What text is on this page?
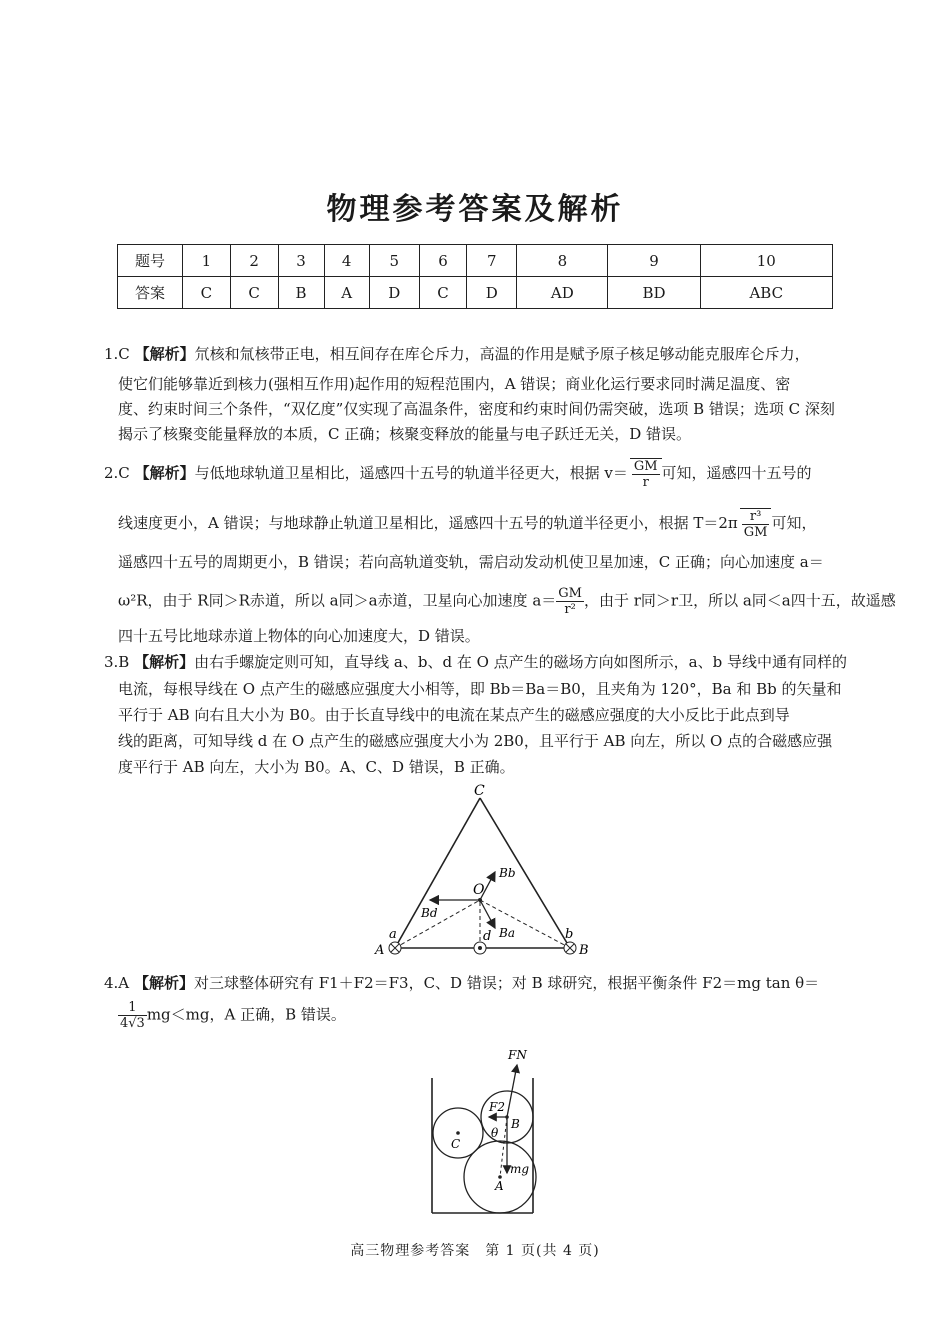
物理参考答案及解析
题号	1	2	3	4	5	6	7	8	9	10
答案	C	C	B	A	D	C	D	AD	BD	ABC
1.C 【解析】氘核和氚核带正电，相互间存在库仑斥力，高温的作用是赋予原子核足够动能克服库仑斥力，
使它们能够靠近到核力(强相互作用)起作用的短程范围内，A 错误；商业化运行要求同时满足温度、密
度、约束时间三个条件，“双亿度”仅实现了高温条件，密度和约束时间仍需突破，选项 B 错误；选项 C 深刻
揭示了核聚变能量释放的本质，C 正确；核聚变释放的能量与电子跃迁无关，D 错误。
2.C 【解析】与低地球轨道卫星相比，遥感四十五号的轨道半径更大，根据 $v= \frac{GM}{r}$ 可知，遥感四十五号的
线速度更小，A 错误；与地球静止轨道卫星相比，遥感四十五号的轨道半径更小，根据 $T=2\pi \frac{\text{r³}}{GM}$ 可知，
遥感四十五号的周期更小，B 错误；若向高轨道变轨，需启动发动机使卫星加速，C 正确；向心加速度 a＝
ω²R，由于 R同＞R赤道，所以 a同＞a赤道，卫星向心加速度 $a= \frac{GM}{\text{r²}}$ ，由于 r同＞r卫，所以 a同＜a四十五，故遥感
四十五号比地球赤道上物体的向心加速度大，D 错误。
3.B 【解析】由右手螺旋定则可知，直导线 a、b、d 在 O 点产生的磁场方向如图所示，a、b 导线中通有同样的
电流，每根导线在 O 点产生的磁感应强度大小相等，即 Bb＝Ba＝B0，且夹角为 120°，Ba 和 Bb 的矢量和
平行于 AB 向右且大小为 B0。由于长直导线中的电流在某点产生的磁感应强度的大小反比于此点到导
线的距离，可知导线 d 在 O 点产生的磁感应强度大小为 2B0，且平行于 AB 向左，所以 O 点的合磁感应强
度平行于 AB 向左，大小为 B0。A、C、D 错误，B 正确。
C
O
Bb
Bd
Ba
a	b
d
A	B
4.A 【解析】对三球整体研究有 F1＋F2＝F3，C、D 错误；对 B 球研究，根据平衡条件 F2＝mg tan θ＝
$\frac{1}{4√3} mg<mg$，A 正确，B 错误。
FN
F2
θ
B
C
mg
A
高三物理参考答案　第 1 页(共 4 页)
